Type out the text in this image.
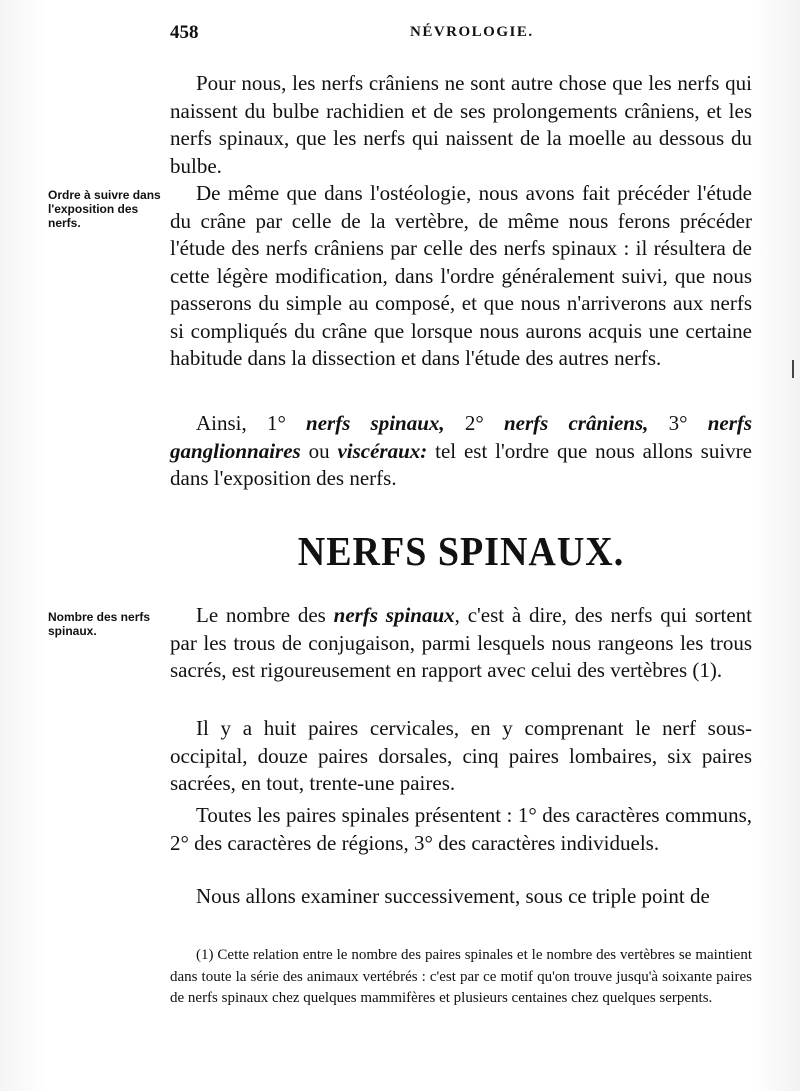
458	NÉVROLOGIE.
Ordre à suivre dans l'exposition des nerfs.

Pour nous, les nerfs crâniens ne sont autre chose que les nerfs qui naissent du bulbe rachidien et de ses prolongements crâniens, et les nerfs spinaux, que les nerfs qui naissent de la moelle au dessous du bulbe.

De même que dans l'ostéologie, nous avons fait précéder l'étude du crâne par celle de la vertèbre, de même nous ferons précéder l'étude des nerfs crâniens par celle des nerfs spinaux : il résultera de cette légère modification, dans l'ordre généralement suivi, que nous passerons du simple au composé, et que nous n'arriverons aux nerfs si compliqués du crâne que lorsque nous aurons acquis une certaine habitude dans la dissection et dans l'étude des autres nerfs.

Ainsi, 1° nerfs spinaux, 2° nerfs crâniens, 3° nerfs ganglionnaires ou viscéraux: tel est l'ordre que nous allons suivre dans l'exposition des nerfs.

NERFS SPINAUX.
Nombre des nerfs spinaux.

Le nombre des nerfs spinaux, c'est à dire, des nerfs qui sortent par les trous de conjugaison, parmi lesquels nous rangeons les trous sacrés, est rigoureusement en rapport avec celui des vertèbres (1).

Il y a huit paires cervicales, en y comprenant le nerf sous-occipital, douze paires dorsales, cinq paires lombaires, six paires sacrées, en tout, trente-une paires.

Toutes les paires spinales présentent : 1° des caractères communs, 2° des caractères de régions, 3° des caractères individuels.

Nous allons examiner successivement, sous ce triple point de

(1) Cette relation entre le nombre des paires spinales et le nombre des vertèbres se maintient dans toute la série des animaux vertébrés : c'est par ce motif qu'on trouve jusqu'à soixante paires de nerfs spinaux chez quelques mammifères et plusieurs centaines chez quelques serpents.
